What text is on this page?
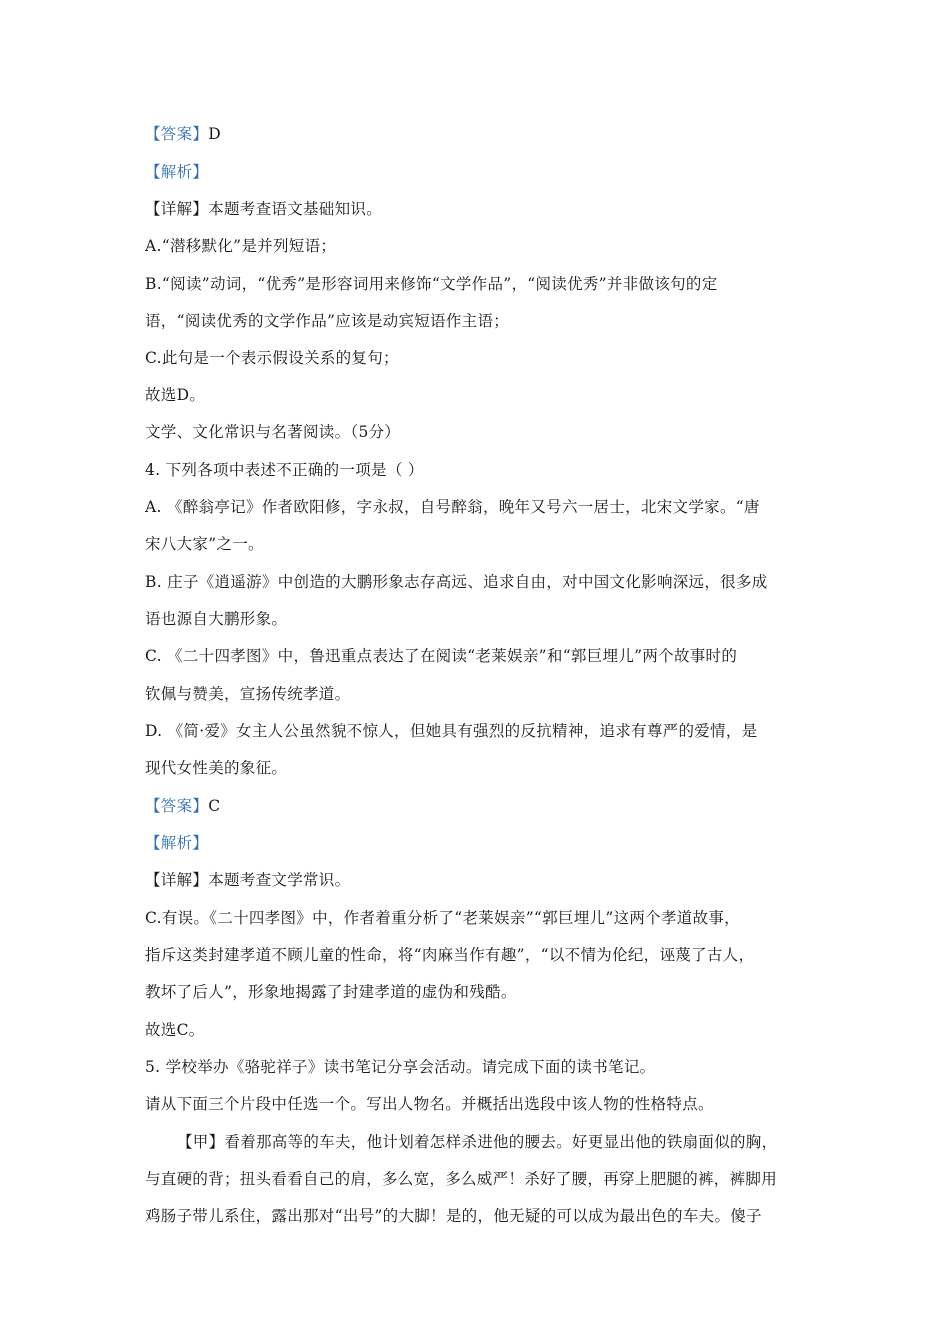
【答案】D
【解析】
【详解】本题考查语文基础知识。
A.“潜移默化”是并列短语；
B.“阅读”动词，“优秀”是形容词用来修饰“文学作品”，“阅读优秀”并非做该句的定
语，“阅读优秀的文学作品”应该是动宾短语作主语；
C.此句是一个表示假设关系的复句；
故选D。
文学、文化常识与名著阅读。（5分）
4. 下列各项中表述不正确的一项是（ ）
A. 《醉翁亭记》作者欧阳修，字永叔，自号醉翁，晚年又号六一居士，北宋文学家。“唐
宋八大家”之一。
B. 庄子《逍遥游》中创造的大鹏形象志存高远、追求自由，对中国文化影响深远，很多成
语也源自大鹏形象。
C. 《二十四孝图》中，鲁迅重点表达了在阅读“老莱娱亲”和“郭巨埋儿”两个故事时的
钦佩与赞美，宣扬传统孝道。
D. 《简·爱》女主人公虽然貌不惊人，但她具有强烈的反抗精神，追求有尊严的爱情，是
现代女性美的象征。
【答案】C
【解析】
【详解】本题考查文学常识。
C.有误。《二十四孝图》中，作者着重分析了“老莱娱亲”“郭巨埋儿”这两个孝道故事，
指斥这类封建孝道不顾儿童的性命，将“肉麻当作有趣”，“以不情为伦纪，诬蔑了古人，
教坏了后人”，形象地揭露了封建孝道的虚伪和残酷。
故选C。
5. 学校举办《骆驼祥子》读书笔记分享会活动。请完成下面的读书笔记。
请从下面三个片段中任选一个。写出人物名。并概括出选段中该人物的性格特点。
【甲】看着那高等的车夫，他计划着怎样杀进他的腰去。好更显出他的铁扇面似的胸，
与直硬的背；扭头看看自己的肩，多么宽，多么威严！杀好了腰，再穿上肥腿的裤，裤脚用
鸡肠子带儿系住，露出那对“出号”的大脚！是的，他无疑的可以成为最出色的车夫。傻子
